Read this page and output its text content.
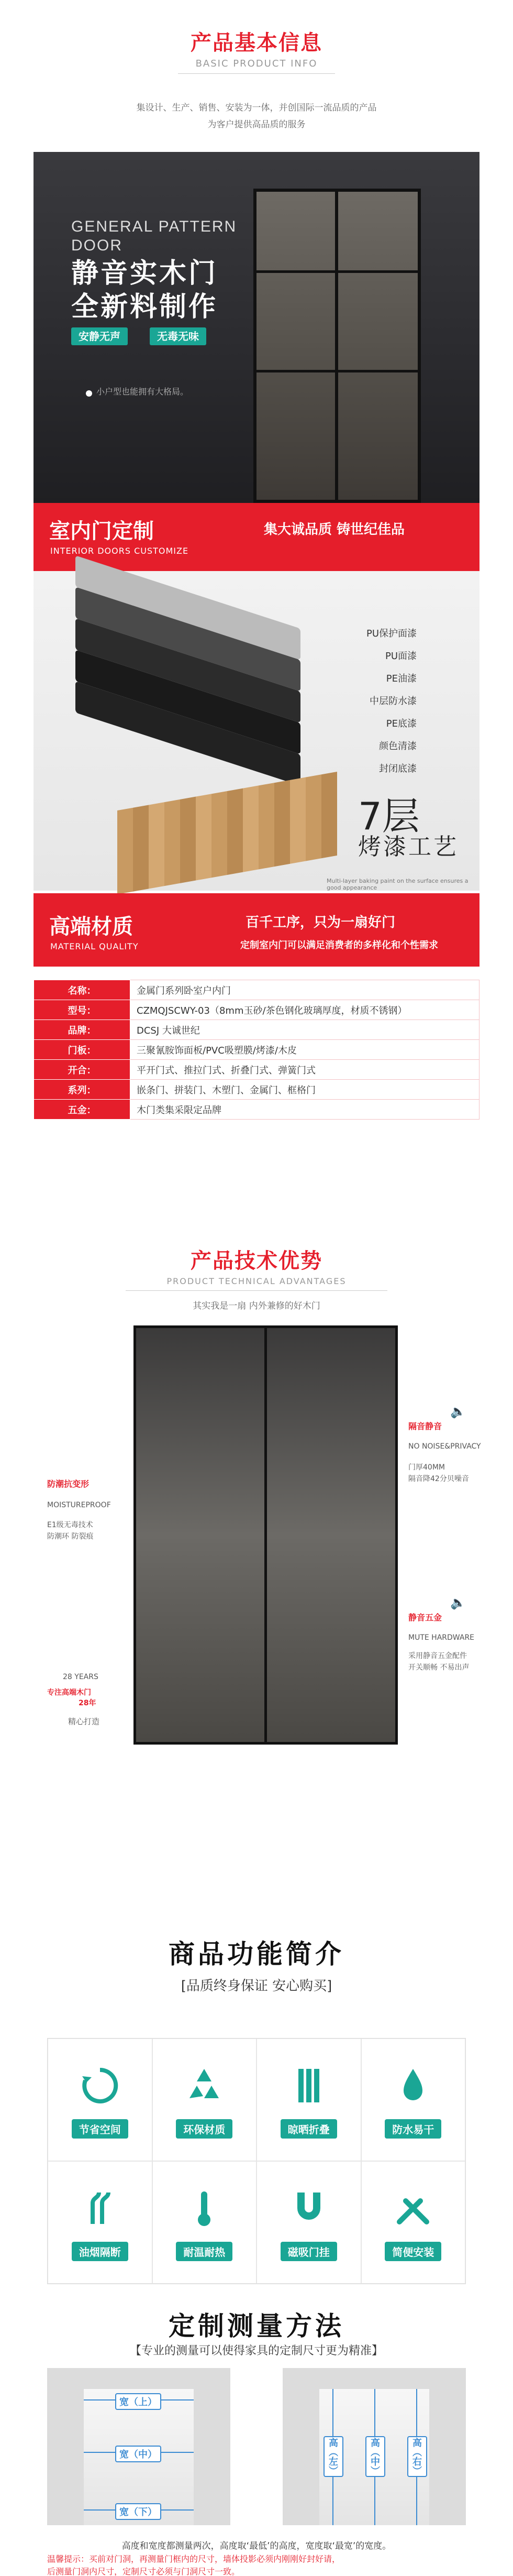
产品基本信息
BASIC PRODUCT INFO
集设计、生产、销售、安装为一体，并创国际一流品质的产品
为客户提供高品质的服务
GENERAL PATTERN
DOOR
静音实木门
全新料制作
安静无声	无毒无味
小户型也能拥有大格局。
室内门定制
INTERIOR DOORS CUSTOMIZE
集大诚品质 铸世纪佳品
PU保护面漆
PU面漆
PE油漆
中层防水漆
PE底漆
颜色清漆
封闭底漆
7层
烤漆工艺
Multi-layer baking paint on the surface ensures a good appearance
高端材质
MATERIAL QUALITY
百千工序，只为一扇好门
定制室内门可以满足消费者的多样化和个性需求
名称：	金属门系列卧室户内门
型号：	CZMQJSCWY-03（8mm玉砂/茶色钢化玻璃厚度，材质不锈钢）
品牌：	DCSJ 大诚世纪
门板：	三聚氰胺饰面板/PVC吸塑膜/烤漆/木皮
开合：	平开门式、推拉门式、折叠门式、弹簧门式
系列：	嵌条门、拼装门、木塑门、金属门、框格门
五金：	木门类集采限定品牌
产品技术优势
PRODUCT TECHNICAL ADVANTAGES
其实我是一扇 内外兼修的好木门
防潮抗变形
MOISTUREPROOF
E1级无毒技术
防潮环 防裂痕
28 YEARS
专注高端木门
28年
精心打造
🔈
隔音静音
NO NOISE&PRIVACY
门厚40MM
隔音降42分贝噪音
🔈
静音五金
MUTE HARDWARE
采用静音五金配件
开关顺畅 不易出声
商品功能简介
[品质终身保证 安心购买]
节省空间	环保材质	晾晒折叠	防水易干
油烟隔断	耐温耐热	磁吸门挂	简便安装
定制测量方法
【专业的测量可以使得家具的定制尺寸更为精准】
宽（上）
宽（中）
宽（下）
高（左）	高（中）	高（右）
高度和宽度都测量两次，高度取‘最低’的高度，宽度取‘最宽’的宽度。
温馨提示：买前对门洞，再测量门框内的尺寸，墙体投影必须内刚刚好封好请，
后测量门洞内尺寸，定制尺寸必须与门洞尺寸一致。
